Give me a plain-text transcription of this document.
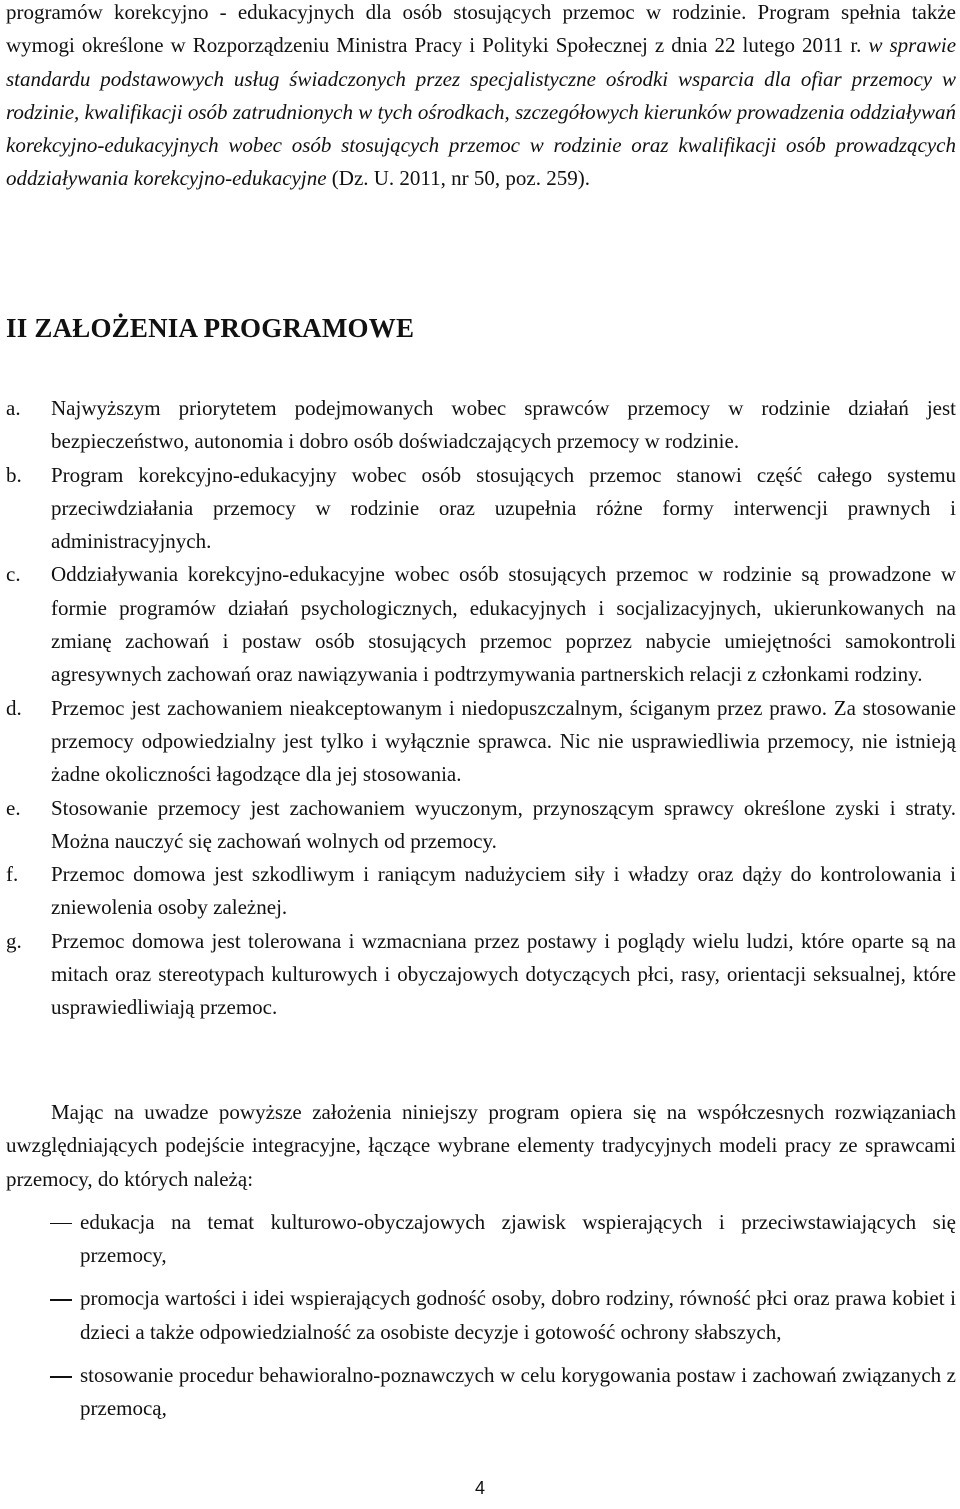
programów korekcyjno - edukacyjnych dla osób stosujących przemoc w rodzinie. Program spełnia także wymogi określone w Rozporządzeniu Ministra Pracy i Polityki Społecznej z dnia 22 lutego 2011 r. w sprawie standardu podstawowych usług świadczonych przez specjalistyczne ośrodki wsparcia dla ofiar przemocy w rodzinie, kwalifikacji osób zatrudnionych w tych ośrodkach, szczegółowych kierunków prowadzenia oddziaływań korekcyjno-edukacyjnych wobec osób stosujących przemoc w rodzinie oraz kwalifikacji osób prowadzących oddziaływania korekcyjno-edukacyjne (Dz. U. 2011, nr 50, poz. 259).

II ZAŁOŻENIA PROGRAMOWE
a.	Najwyższym priorytetem podejmowanych wobec sprawców przemocy w rodzinie działań jest bezpieczeństwo, autonomia i dobro osób doświadczających przemocy w rodzinie.
b.	Program korekcyjno-edukacyjny wobec osób stosujących przemoc stanowi część całego systemu przeciwdziałania przemocy w rodzinie oraz uzupełnia różne formy interwencji prawnych i administracyjnych.
c.	Oddziaływania korekcyjno-edukacyjne wobec osób stosujących przemoc w rodzinie są prowadzone w formie programów działań psychologicznych, edukacyjnych i socjalizacyjnych, ukierunkowanych na zmianę zachowań i postaw osób stosujących przemoc poprzez nabycie umiejętności samokontroli agresywnych zachowań oraz nawiązywania i podtrzymywania partnerskich relacji z członkami rodziny.
d.	Przemoc jest zachowaniem nieakceptowanym i niedopuszczalnym, ściganym przez prawo. Za stosowanie przemocy odpowiedzialny jest tylko i wyłącznie sprawca. Nic nie usprawiedliwia przemocy, nie istnieją żadne okoliczności łagodzące dla jej stosowania.
e.	Stosowanie przemocy jest zachowaniem wyuczonym, przynoszącym sprawcy określone zyski i straty. Można nauczyć się zachowań wolnych od przemocy.
f.	Przemoc domowa jest szkodliwym i raniącym nadużyciem siły i władzy oraz dąży do kontrolowania i zniewolenia osoby zależnej.
g.	Przemoc domowa jest tolerowana i wzmacniana przez postawy i poglądy wielu ludzi, które oparte są na mitach oraz stereotypach kulturowych i obyczajowych dotyczących płci, rasy, orientacji seksualnej, które usprawiedliwiają przemoc.

Mając na uwadze powyższe założenia niniejszy program opiera się na współczesnych rozwiązaniach uwzględniających podejście integracyjne, łączące wybrane elementy tradycyjnych modeli pracy ze sprawcami przemocy, do których należą:

edukacja na temat kulturowo-obyczajowych zjawisk wspierających i przeciwstawiających się przemocy,
promocja wartości i idei wspierających godność osoby, dobro rodziny, równość płci oraz prawa kobiet i dzieci a także odpowiedzialność za osobiste decyzje i gotowość ochrony słabszych,
stosowanie procedur behawioralno-poznawczych w celu korygowania postaw i zachowań związanych z przemocą,
4
